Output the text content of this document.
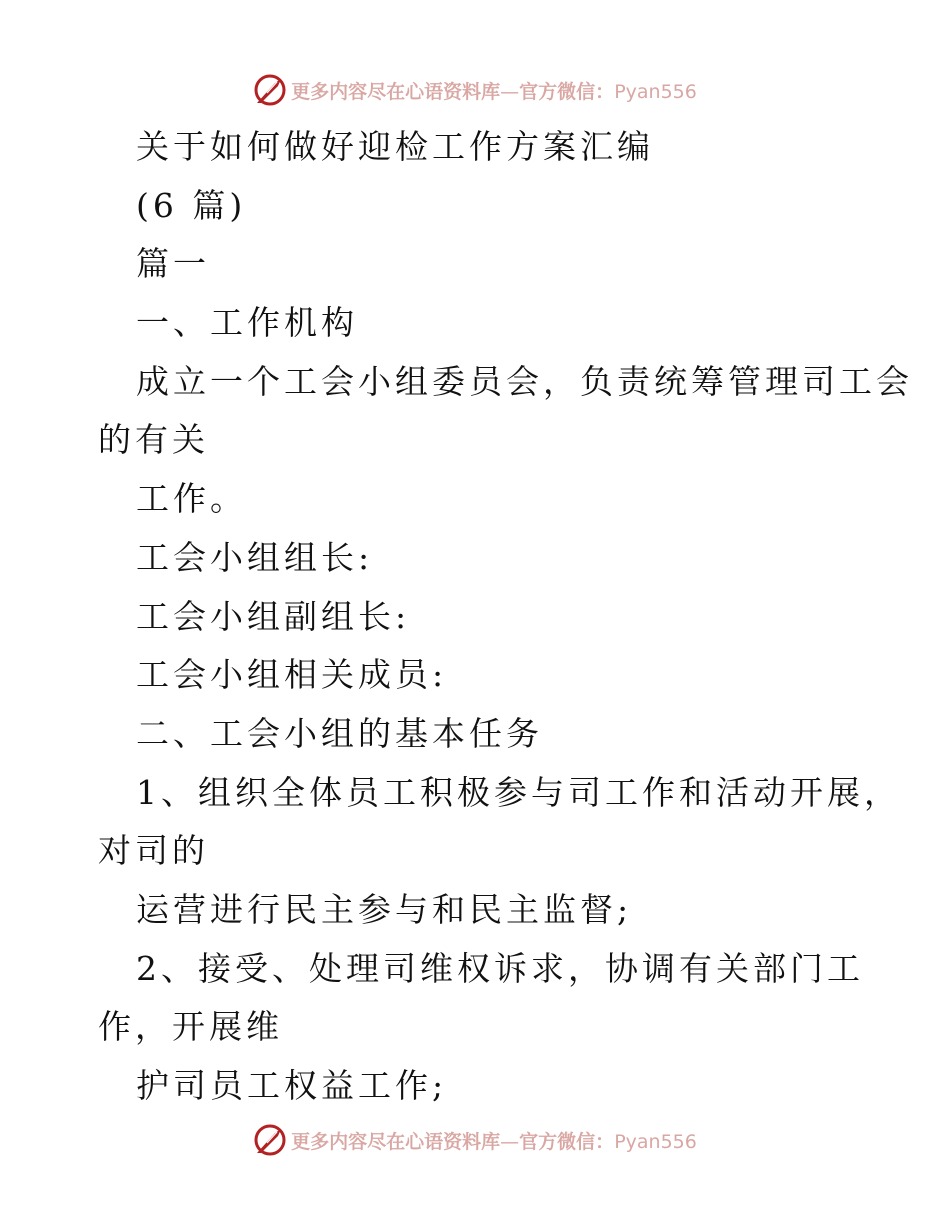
更多内容尽在心语资料库—官方微信：Pyan556
关于如何做好迎检工作方案汇编
(6 篇)
篇一
一、工作机构
成立一个工会小组委员会，负责统筹管理司工会
的有关
工作。
工会小组组长:
工会小组副组长:
工会小组相关成员:
二、工会小组的基本任务
1、组织全体员工积极参与司工作和活动开展，
对司的
运营进行民主参与和民主监督;
2、接受、处理司维权诉求，协调有关部门工
作，开展维
护司员工权益工作;
更多内容尽在心语资料库—官方微信：Pyan556
